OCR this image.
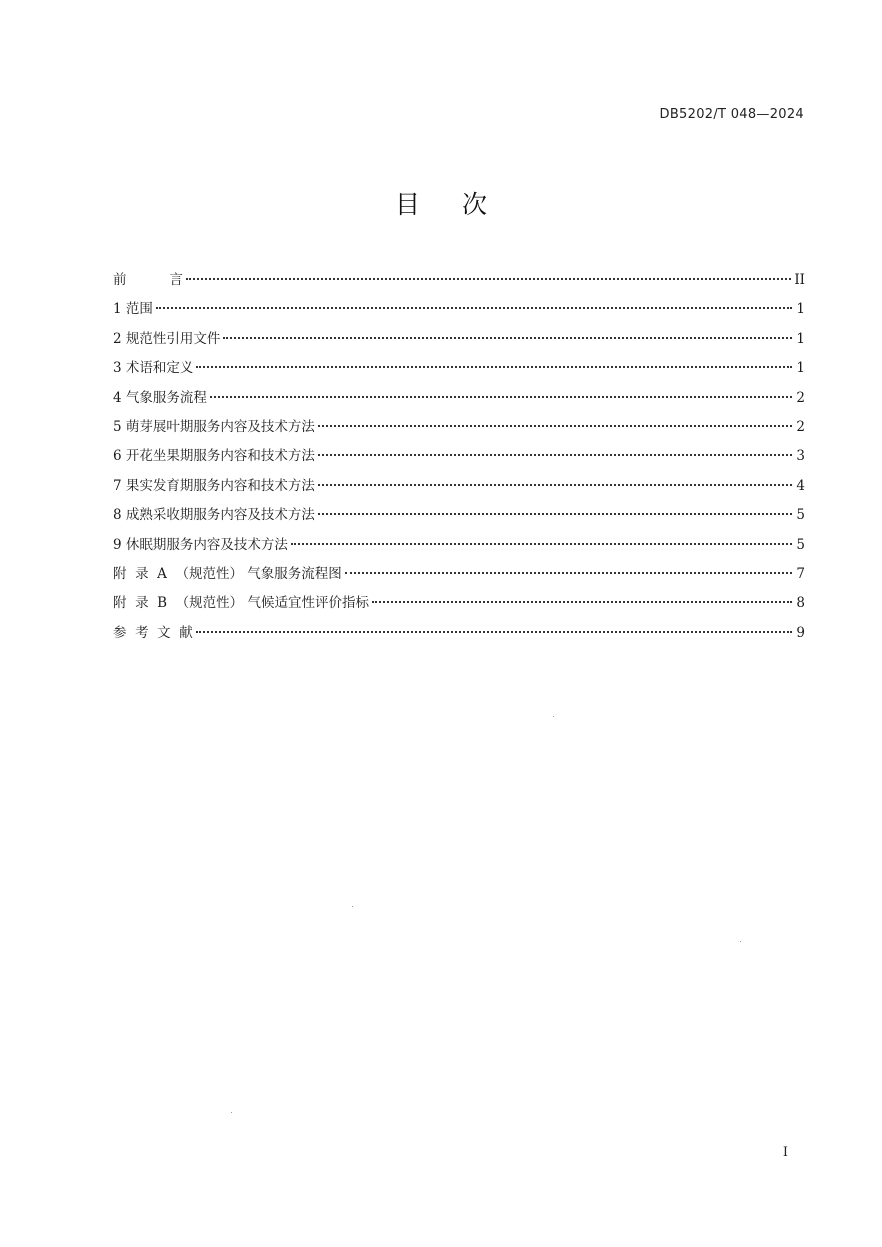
DB5202/T 048—2024
目 次
前          言	II
1 范围	1
2 规范性引用文件	1
3 术语和定义	1
4 气象服务流程	2
5 萌芽展叶期服务内容及技术方法	2
6 开花坐果期服务内容和技术方法	3
7 果实发育期服务内容和技术方法	4
8 成熟采收期服务内容及技术方法	5
9 休眠期服务内容及技术方法	5
附  录  A  （规范性） 气象服务流程图	7
附  录  B  （规范性） 气候适宜性评价指标	8
参  考  文  献	9
I
